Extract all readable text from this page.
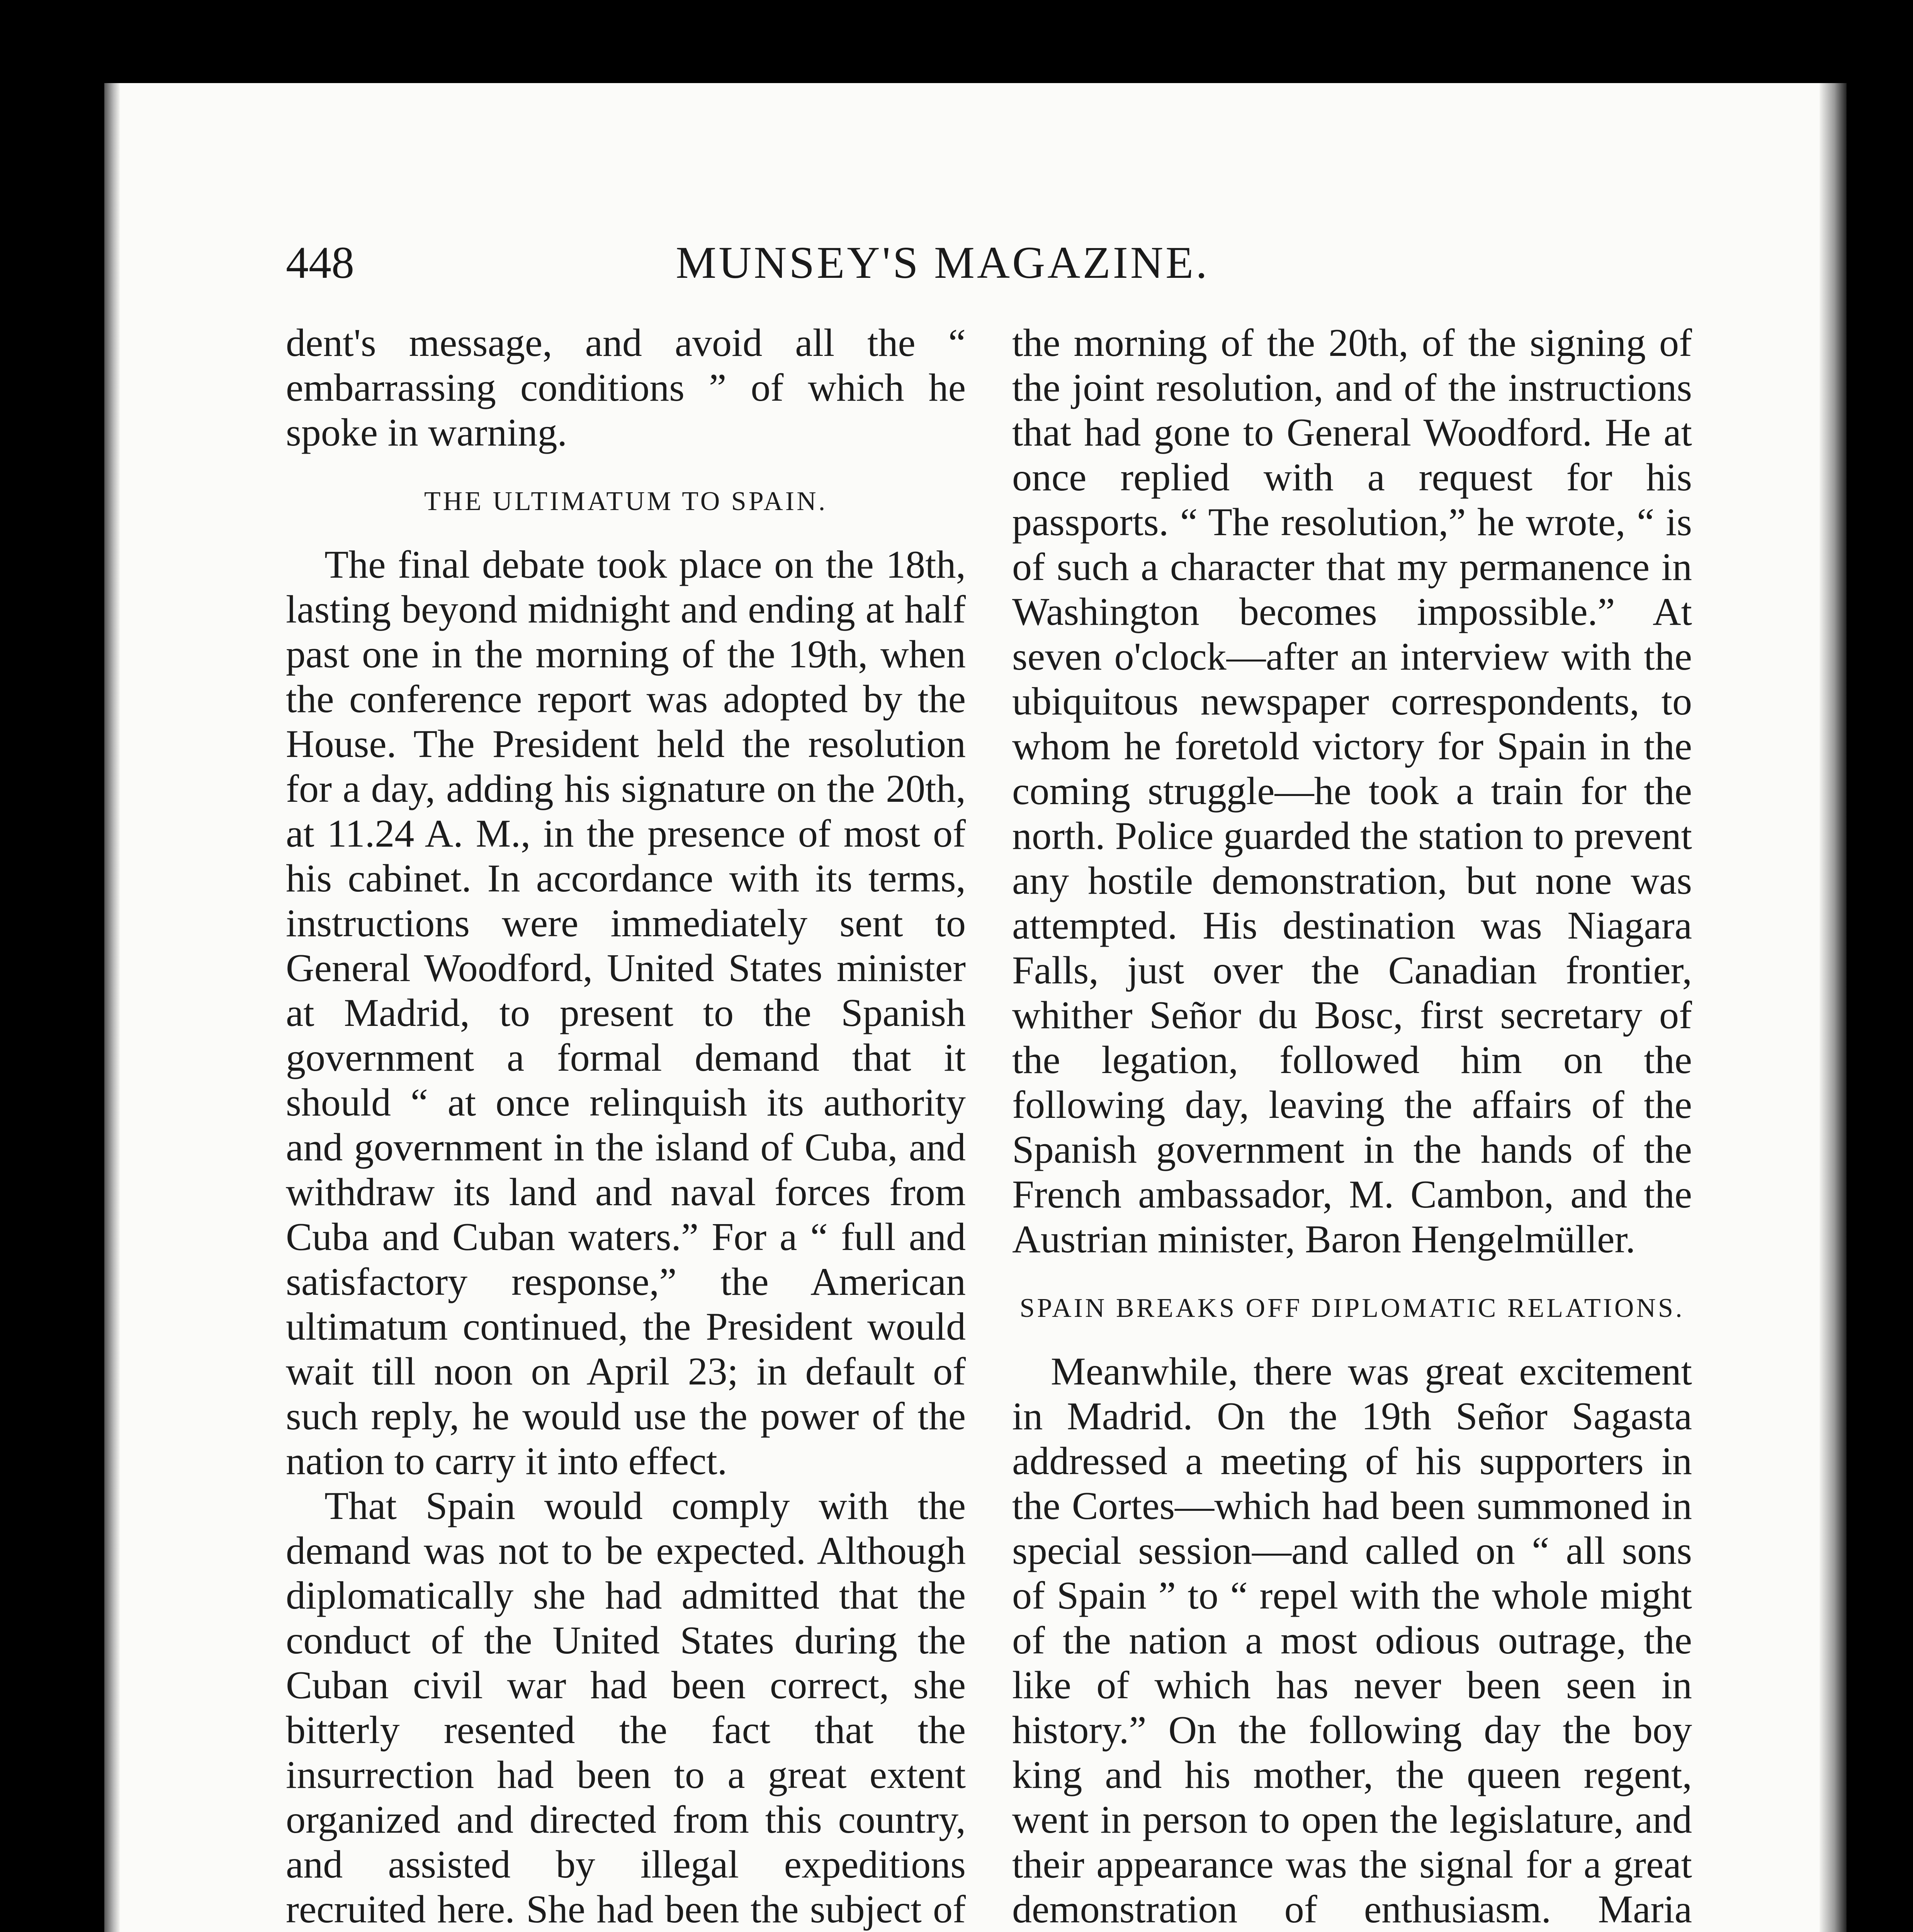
448	MUNSEY'S MAGAZINE.

dent's message, and avoid all the “ embarrassing conditions ” of which he spoke in warning.

THE ULTIMATUM TO SPAIN.

The final debate took place on the 18th, lasting beyond midnight and ending at half past one in the morning of the 19th, when the conference report was adopted by the House. The President held the resolution for a day, adding his signature on the 20th, at 11.24 A. M., in the presence of most of his cabinet. In accordance with its terms, instructions were immediately sent to General Woodford, United States minister at Madrid, to present to the Spanish government a formal demand that it should “ at once relinquish its authority and government in the island of Cuba, and withdraw its land and naval forces from Cuba and Cuban waters.” For a “ full and satisfactory response,” the American ultimatum continued, the President would wait till noon on April 23; in default of such reply, he would use the power of the nation to carry it into effect.

That Spain would comply with the demand was not to be expected. Although diplomatically she had admitted that the conduct of the United States during the Cuban civil war had been correct, she bitterly resented the fact that the insurrection had been to a great extent organized and directed from this country, and assisted by illegal expeditions recruited here. She had been the subject of

the morning of the 20th, of the signing of the joint resolution, and of the instructions that had gone to General Woodford. He at once replied with a request for his passports. “ The resolution,” he wrote, “ is of such a character that my permanence in Washington becomes impossible.” At seven o'clock—after an interview with the ubiquitous newspaper correspondents, to whom he foretold victory for Spain in the coming struggle—he took a train for the north. Police guarded the station to prevent any hostile demonstration, but none was attempted. His destination was Niagara Falls, just over the Canadian frontier, whither Señor du Bosc, first secretary of the legation, followed him on the following day, leaving the affairs of the Spanish government in the hands of the French ambassador, M. Cambon, and the Austrian minister, Baron Hengelmüller.

SPAIN BREAKS OFF DIPLOMATIC RELATIONS.

Meanwhile, there was great excitement in Madrid. On the 19th Señor Sagasta addressed a meeting of his supporters in the Cortes—which had been summoned in special session—and called on “ all sons of Spain ” to “ repel with the whole might of the nation a most odious outrage, the like of which has never been seen in history.” On the following day the boy king and his mother, the queen regent, went in person to open the legislature, and their appearance was the signal for a great demonstration of enthusiasm. Maria
